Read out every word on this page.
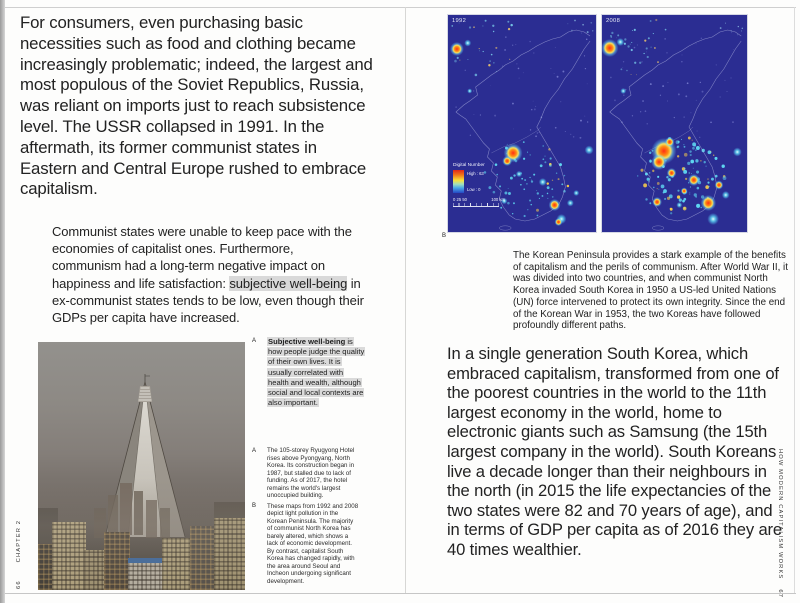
For consumers, even purchasing basic necessities such as food and clothing became increasingly problematic; indeed, the largest and most populous of the Soviet Republics, Russia, was reliant on imports just to reach subsistence level. The USSR collapsed in 1991. In the aftermath, its former communist states in Eastern and Central Europe rushed to embrace capitalism.

Communist states were unable to keep pace with the economies of capitalist ones. Furthermore, communism had a long-term negative impact on happiness and life satisfaction: subjective well-being in ex-communist states tends to be low, even though their GDPs per capita have increased.

A	Subjective well-being is how people judge the quality of their own lives. It is usually correlated with health and wealth, although social and local contexts are also important.
A	The 105-storey Ryugyong Hotel rises above Pyongyang, North Korea. Its construction began in 1987, but stalled due to lack of funding. As of 2017, the hotel remains the world's largest unoccupied building.
B	These maps from 1992 and 2008 depict light pollution in the Korean Peninsula. The majority of communist North Korea has barely altered, which shows a lack of economic development. By contrast, capitalist South Korea has changed rapidly, with the area around Seoul and Incheon undergoing significant development.
66CHAPTER 2
1992
Digital Number
High : 63
Low : 0
0 25 50	100 km
2008
B

The Korean Peninsula provides a stark example of the benefits of capitalism and the perils of communism. After World War II, it was divided into two countries, and when communist North Korea invaded South Korea in 1950 a US-led United Nations (UN) force intervened to protect its own integrity. Since the end of the Korean War in 1953, the two Koreas have followed profoundly different paths.

In a single generation South Korea, which embraced capitalism, transformed from one of the poorest countries in the world to the 11th largest economy in the world, home to electronic giants such as Samsung (the 15th largest company in the world). South Koreans live a decade longer than their neighbours in the north (in 2015 the life expectancies of the two states were 82 and 70 years of age), and in terms of GDP per capita as of 2016 they are 40 times wealthier.	HOW MODERN CAPITALISM WORKS67
